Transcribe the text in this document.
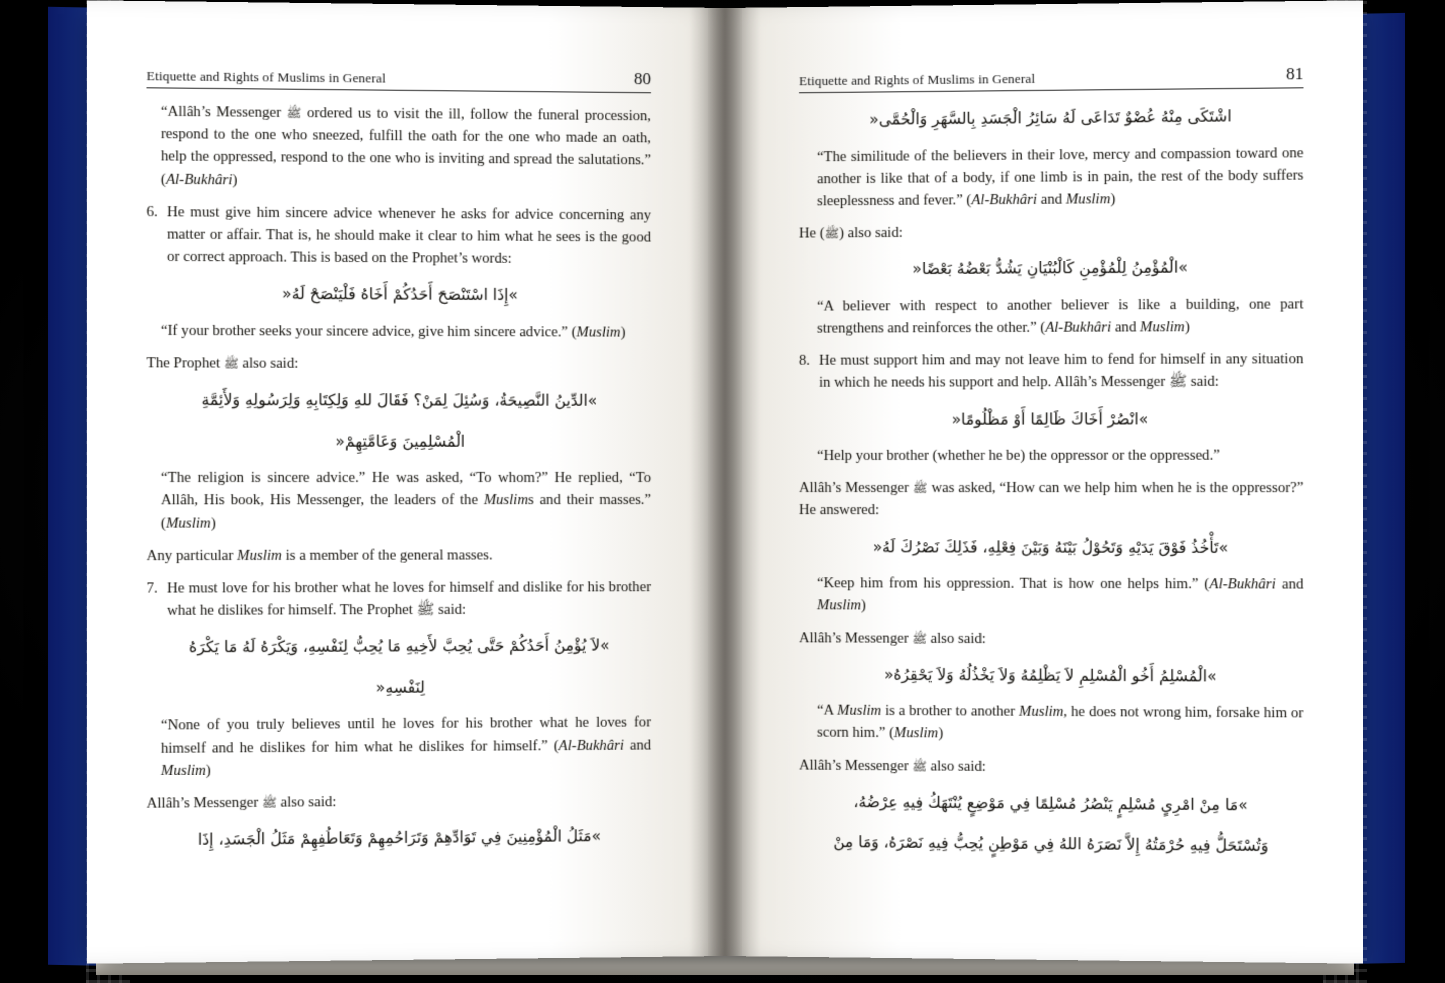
Etiquette and Rights of Muslims in General	80
“Allâh’s Messenger ﷺ ordered us to visit the ill, follow the funeral procession, respond to the one who sneezed, fulfill the oath for the one who made an oath, help the oppressed, respond to the one who is inviting and spread the salutations.” (Al-Bukhâri)
6. He must give him sincere advice whenever he asks for advice concerning any matter or affair. That is, he should make it clear to him what he sees is the good or correct approach. This is based on the Prophet’s words:
»إِذَا اسْتَنْصَحَ أَحَدُكُمْ أَخَاهُ فَلْيَنْصَحْ لَهُ«
“If your brother seeks your sincere advice, give him sincere advice.” (Muslim)

The Prophet ﷺ also said:

»الدِّينُ النَّصِيحَةُ، وَسُئِلَ لِمَنْ؟ فَقَالَ للهِ وَلِكِتَابِهِ وَلِرَسُولِهِ وَلأَئِمَّةِ
الْمُسْلِمِينَ وَعَامَّتِهِمْ«
“The religion is sincere advice.” He was asked, “To whom?” He replied, “To Allâh, His book, His Messenger, the leaders of the Muslims and their masses.” (Muslim)

Any particular Muslim is a member of the general masses.

7. He must love for his brother what he loves for himself and dislike for his brother what he dislikes for himself. The Prophet ﷺ said:
»لاَ يُؤْمِنُ أَحَدُكُمْ حَتَّى يُحِبَّ لأَخِيهِ مَا يُحِبُّ لِنَفْسِهِ، وَيَكْرَهُ لَهُ مَا يَكْرَهُ
لِنَفْسِهِ«
“None of you truly believes until he loves for his brother what he loves for himself and he dislikes for him what he dislikes for himself.” (Al-Bukhâri and Muslim)

Allâh’s Messenger ﷺ also said:

»مَثَلُ الْمُؤْمِنِينَ فِي تَوَادِّهِمْ وَتَرَاحُمِهِمْ وَتَعَاطُفِهِمْ مَثَلُ الْجَسَدِ، إِذَا
Etiquette and Rights of Muslims in General	81
اشْتَكَى مِنْهُ عُضْوٌ تَدَاعَى لَهُ سَائِرُ الْجَسَدِ بِالسَّهَرِ وَالْحُمَّى«
“The similitude of the believers in their love, mercy and compassion toward one another is like that of a body, if one limb is in pain, the rest of the body suffers sleeplessness and fever.” (Al-Bukhâri and Muslim)

He (ﷺ) also said:

»الْمُؤْمِنُ لِلْمُؤْمِنِ كَالْبُنْيَانِ يَشُدُّ بَعْضُهُ بَعْضًا«
“A believer with respect to another believer is like a building, one part strengthens and reinforces the other.” (Al-Bukhâri and Muslim)
8. He must support him and may not leave him to fend for himself in any situation in which he needs his support and help. Allâh’s Messenger ﷺ said:
»انْصُرْ أَخَاكَ ظَالِمًا أَوْ مَظْلُومًا«
“Help your brother (whether he be) the oppressor or the oppressed.”

Allâh’s Messenger ﷺ was asked, “How can we help him when he is the oppressor?” He answered:

»تَأْخُذُ فَوْقَ يَدَيْهِ وَتَحُوْلُ بَيْنَهُ وَبَيْنَ فِعْلِهِ، فَذَلِكَ نَصْرُكَ لَهُ«
“Keep him from his oppression. That is how one helps him.” (Al-Bukhâri and Muslim)

Allâh’s Messenger ﷺ also said:

»الْمُسْلِمُ أَخُو الْمُسْلِمِ لاَ يَظْلِمُهُ وَلاَ يَخْذُلُهُ وَلاَ يَحْقِرُهُ«
“A Muslim is a brother to another Muslim, he does not wrong him, forsake him or scorn him.” (Muslim)

Allâh’s Messenger ﷺ also said:

»مَا مِنْ امْرِىٍ مُسْلِمٍ يَنْصُرُ مُسْلِمًا فِي مَوْضِعٍ يُنْتَهَكُ فِيهِ عِرْضُهُ،
وَتُسْتَحَلُّ فِيهِ حُرْمَتُهُ إِلاَّ نَصَرَهُ اللهُ فِي مَوْطِنٍ يُحِبُّ فِيهِ نَصْرَهُ، وَمَا مِنْ
